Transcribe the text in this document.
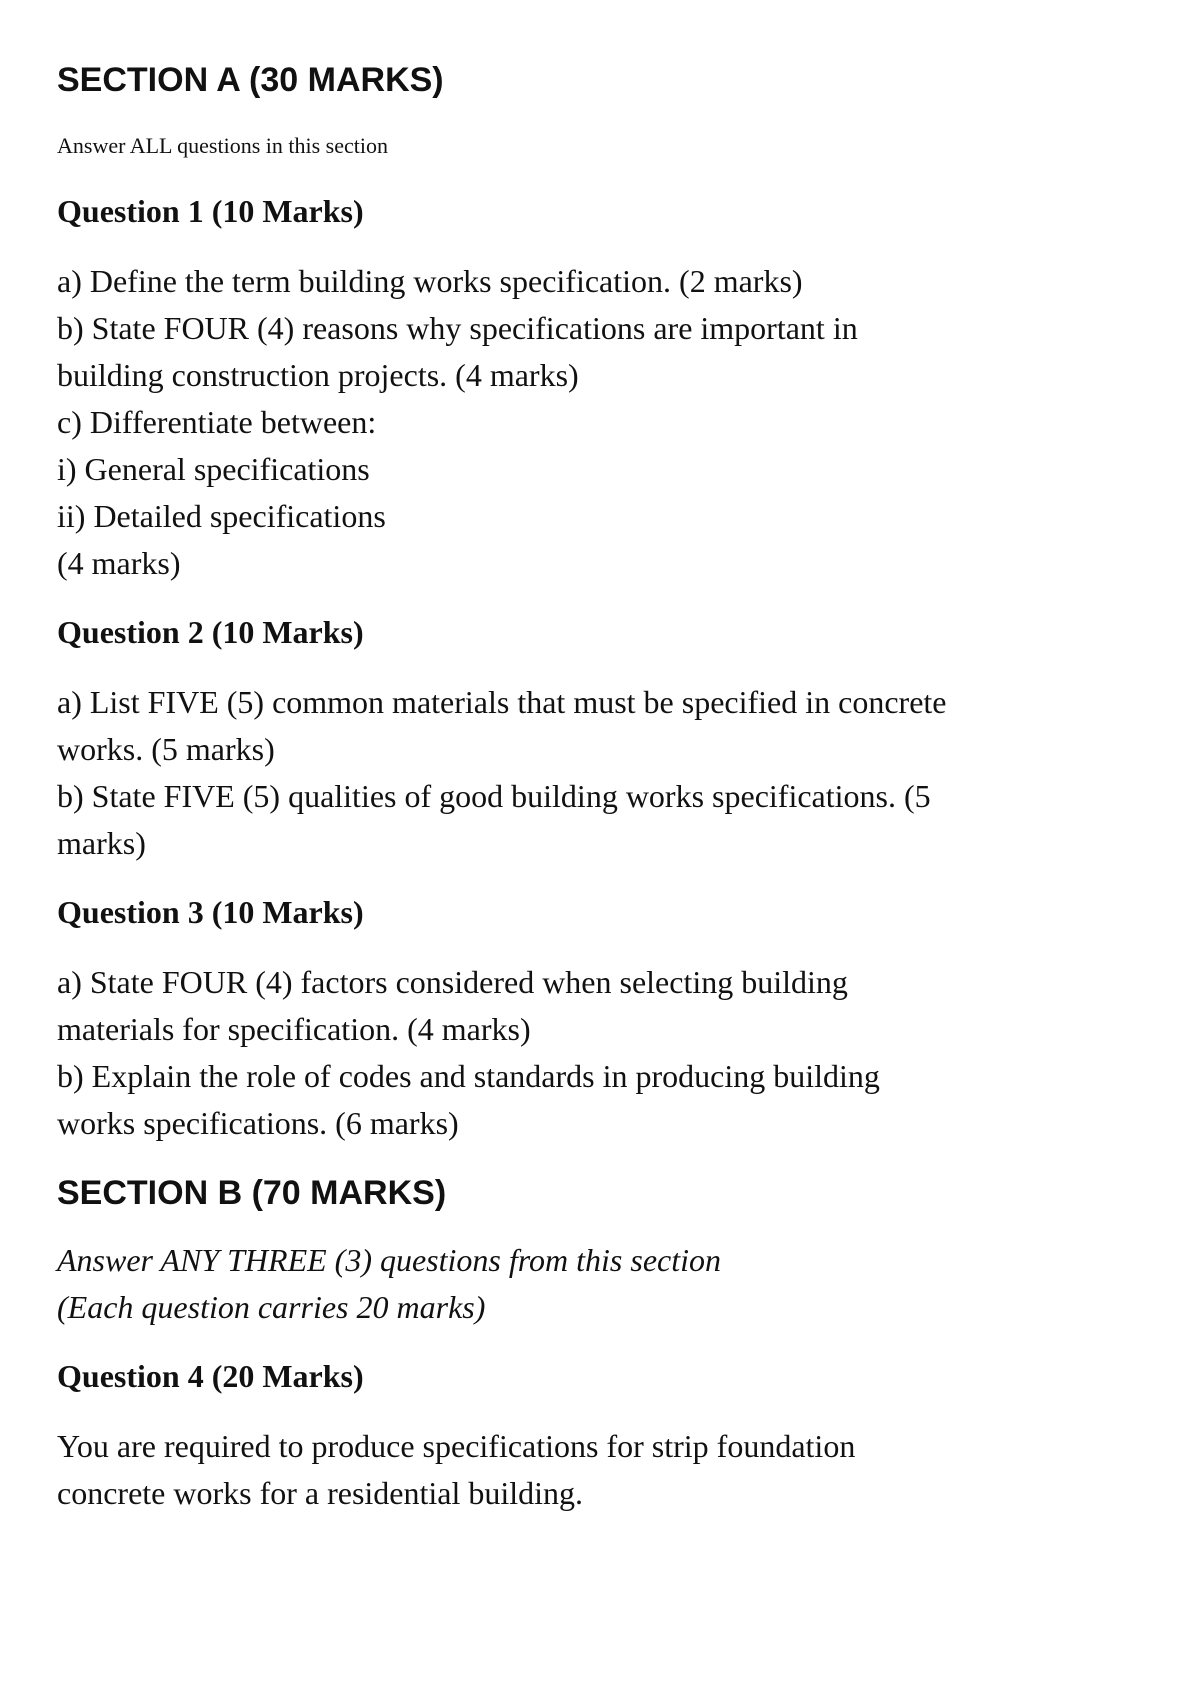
SECTION A (30 MARKS)

Answer ALL questions in this section

Question 1 (10 Marks)

a) Define the term building works specification. (2 marks)

b) State FOUR (4) reasons why specifications are important in

building construction projects. (4 marks)

c) Differentiate between:

i) General specifications

ii) Detailed specifications

(4 marks)

Question 2 (10 Marks)

a) List FIVE (5) common materials that must be specified in concrete

works. (5 marks)

b) State FIVE (5) qualities of good building works specifications. (5

marks)

Question 3 (10 Marks)

a) State FOUR (4) factors considered when selecting building

materials for specification. (4 marks)

b) Explain the role of codes and standards in producing building

works specifications. (6 marks)

SECTION B (70 MARKS)

Answer ANY THREE (3) questions from this section

(Each question carries 20 marks)

Question 4 (20 Marks)

You are required to produce specifications for strip foundation

concrete works for a residential building.
